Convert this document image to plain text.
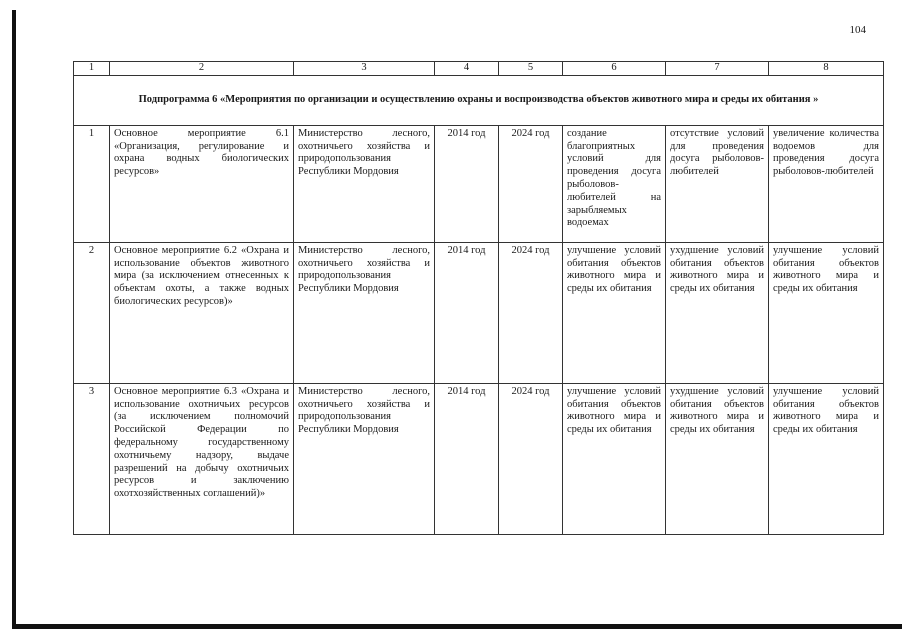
104
1	2	3	4	5	6	7	8
Подпрограмма 6 «Мероприятия по организации и осуществлению охраны и воспроизводства объектов животного мира и среды их обитания »							
1	Основное мероприятие 6.1 «Организация, регулирование и охрана водных биологических ресурсов»	Министерство лесного, охотничьего хозяйства и природопользования Республики Мордовия	2014 год	2024 год	создание благоприятных условий для проведения досуга рыболовов-любителей на зарыбляемых водоемах	отсутствие условий для проведения досуга рыболовов-любителей	увеличение количества водоемов для проведения досуга рыболовов-любителей
2	Основное мероприятие 6.2 «Охрана и использование объектов животного мира (за исключением отнесенных к объектам охоты, а также водных биологических ресурсов)»	Министерство лесного, охотничьего хозяйства и природопользования Республики Мордовия	2014 год	2024 год	улучшение условий обитания объектов животного мира и среды их обитания	ухудшение условий обитания объектов животного мира и среды их обитания	улучшение условий обитания объектов животного мира и среды их обитания
3	Основное мероприятие 6.3 «Охрана и использование охотничьих ресурсов (за исключением полномочий Российской Федерации по федеральному государственному охотничьему надзору, выдаче разрешений на добычу охотничьих ресурсов и заключению охотхозяйственных соглашений)»	Министерство лесного, охотничьего хозяйства и природопользования Республики Мордовия	2014 год	2024 год	улучшение условий обитания объектов животного мира и среды их обитания	ухудшение условий обитания объектов животного мира и среды их обитания	улучшение условий обитания объектов животного мира и среды их обитания
